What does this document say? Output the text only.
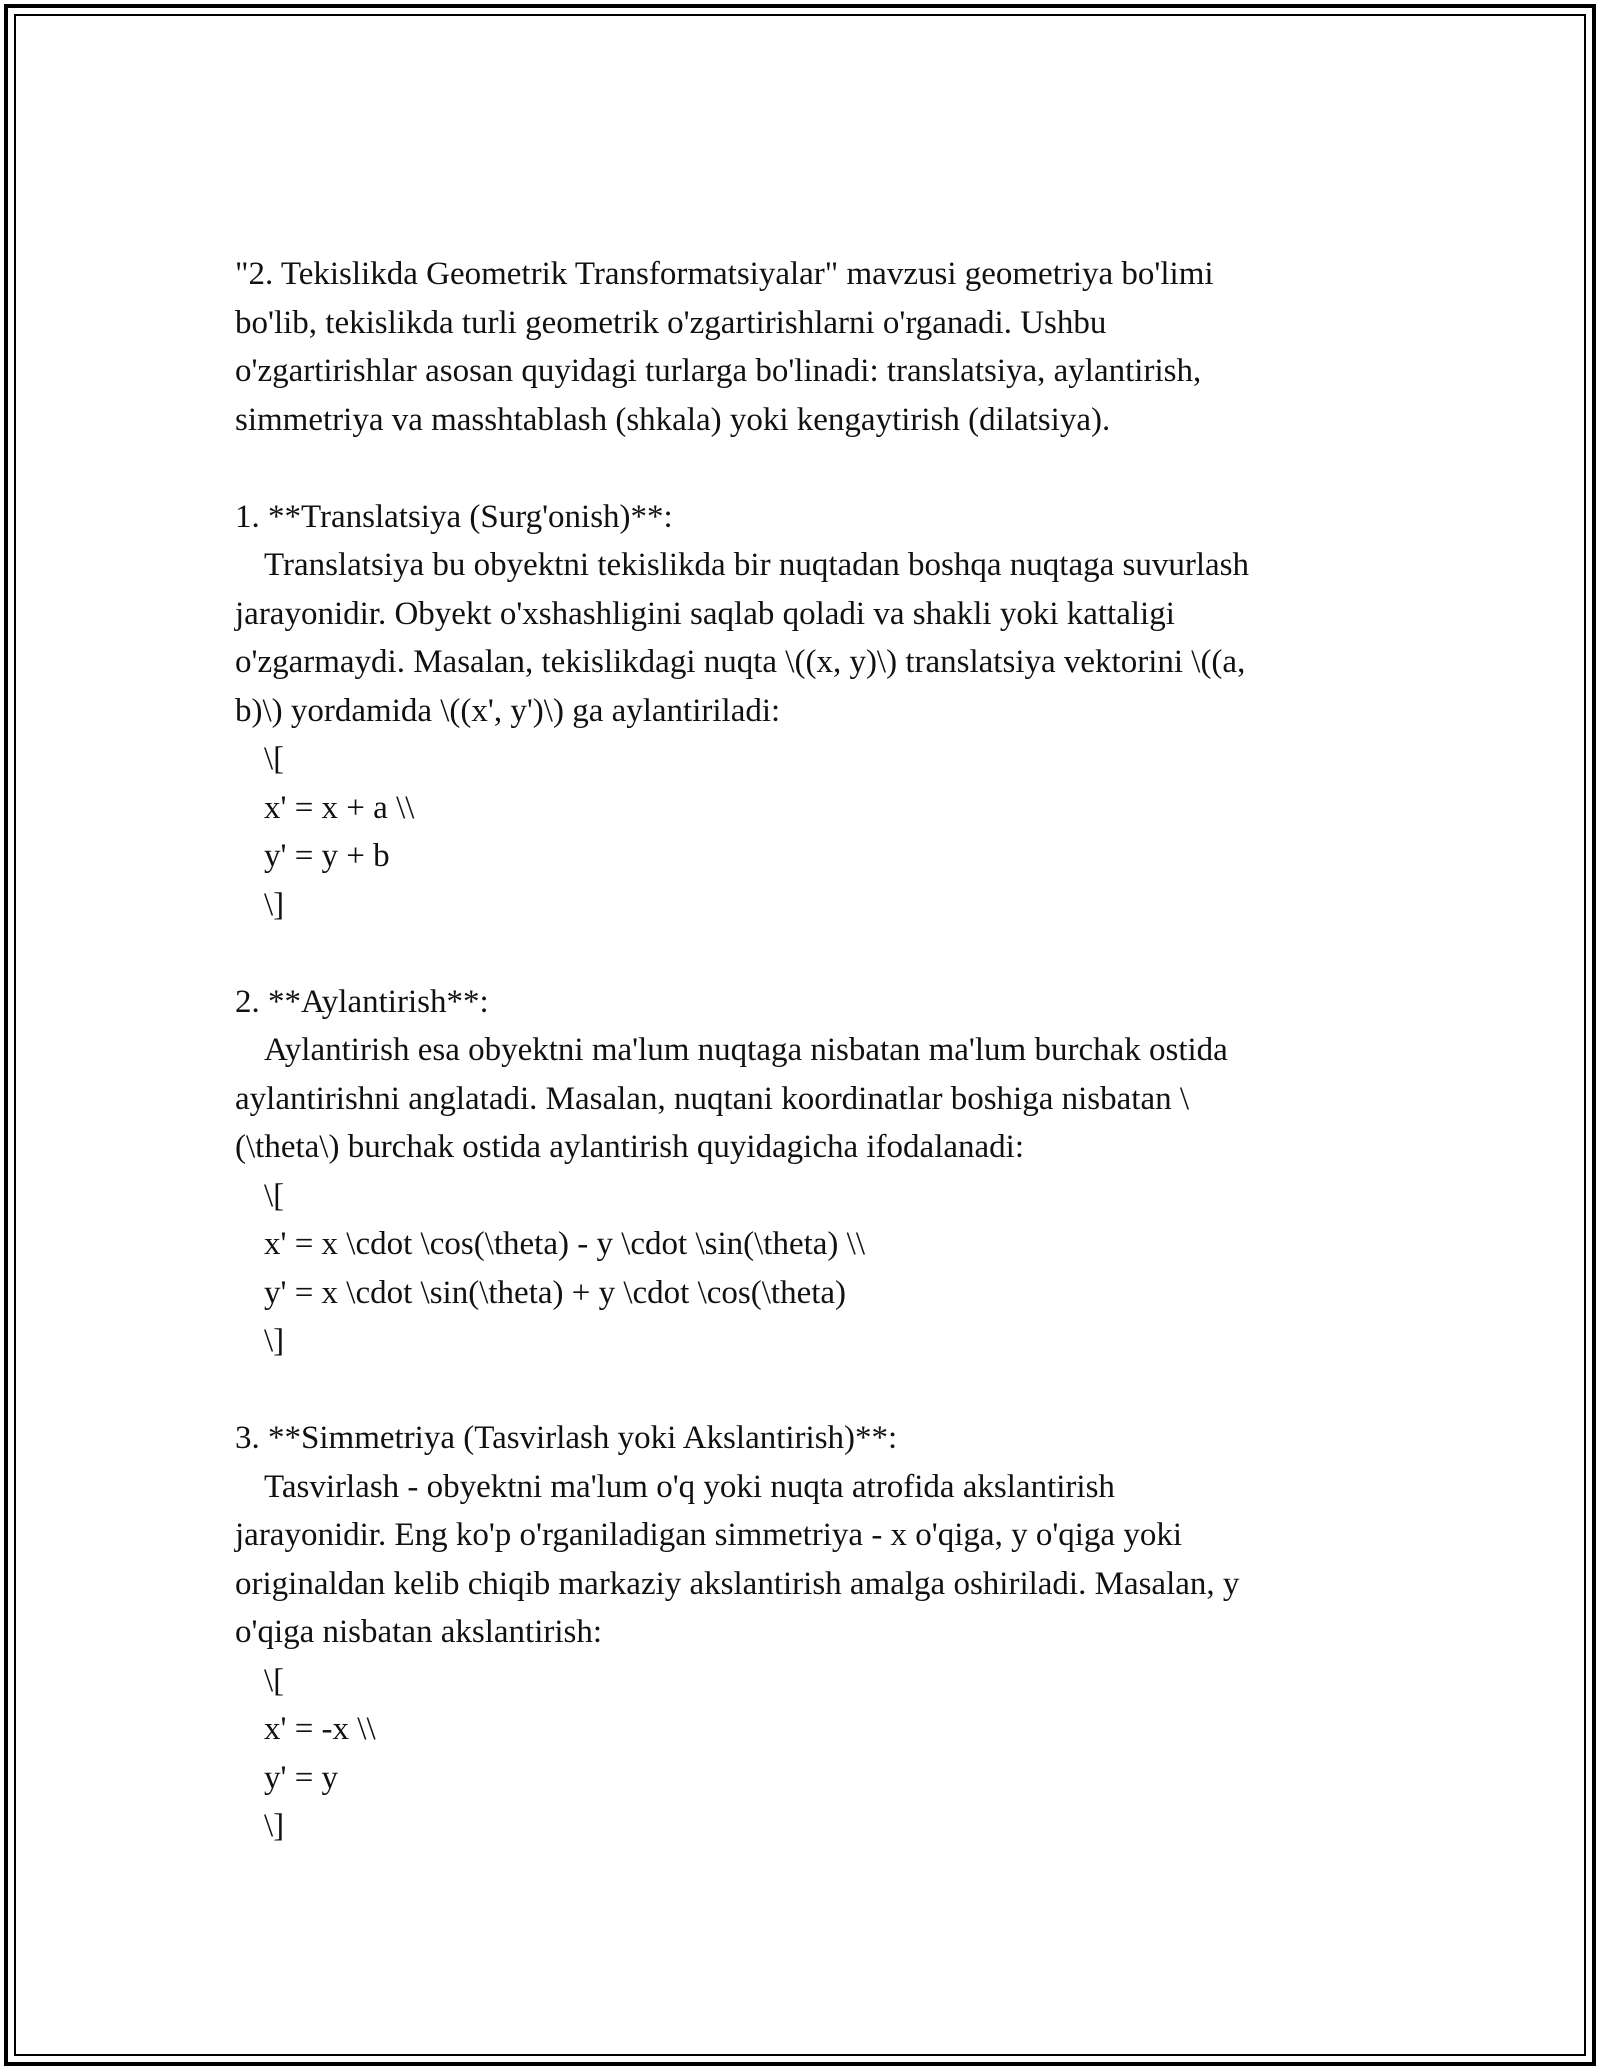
"2. Tekislikda Geometrik Transformatsiyalar" mavzusi geometriya bo'limi
bo'lib, tekislikda turli geometrik o'zgartirishlarni o'rganadi. Ushbu
o'zgartirishlar asosan quyidagi turlarga bo'linadi: translatsiya, aylantirish,
simmetriya va masshtablash (shkala) yoki kengaytirish (dilatsiya).
1. **Translatsiya (Surg'onish)**:
Translatsiya bu obyektni tekislikda bir nuqtadan boshqa nuqtaga suvurlash
jarayonidir. Obyekt o'xshashligini saqlab qoladi va shakli yoki kattaligi
o'zgarmaydi. Masalan, tekislikdagi nuqta \((x, y)\) translatsiya vektorini \((a,
b)\) yordamida \((x', y')\) ga aylantiriladi:
\[
x' = x + a \\
y' = y + b
\]
2. **Aylantirish**:
Aylantirish esa obyektni ma'lum nuqtaga nisbatan ma'lum burchak ostida
aylantirishni anglatadi. Masalan, nuqtani koordinatlar boshiga nisbatan \
(\theta\) burchak ostida aylantirish quyidagicha ifodalanadi:
\[
x' = x \cdot \cos(\theta) - y \cdot \sin(\theta) \\
y' = x \cdot \sin(\theta) + y \cdot \cos(\theta)
\]
3. **Simmetriya (Tasvirlash yoki Akslantirish)**:
Tasvirlash - obyektni ma'lum o'q yoki nuqta atrofida akslantirish
jarayonidir. Eng ko'p o'rganiladigan simmetriya - x o'qiga, y o'qiga yoki
originaldan kelib chiqib markaziy akslantirish amalga oshiriladi. Masalan, y
o'qiga nisbatan akslantirish:
\[
x' = -x \\
y' = y
\]
